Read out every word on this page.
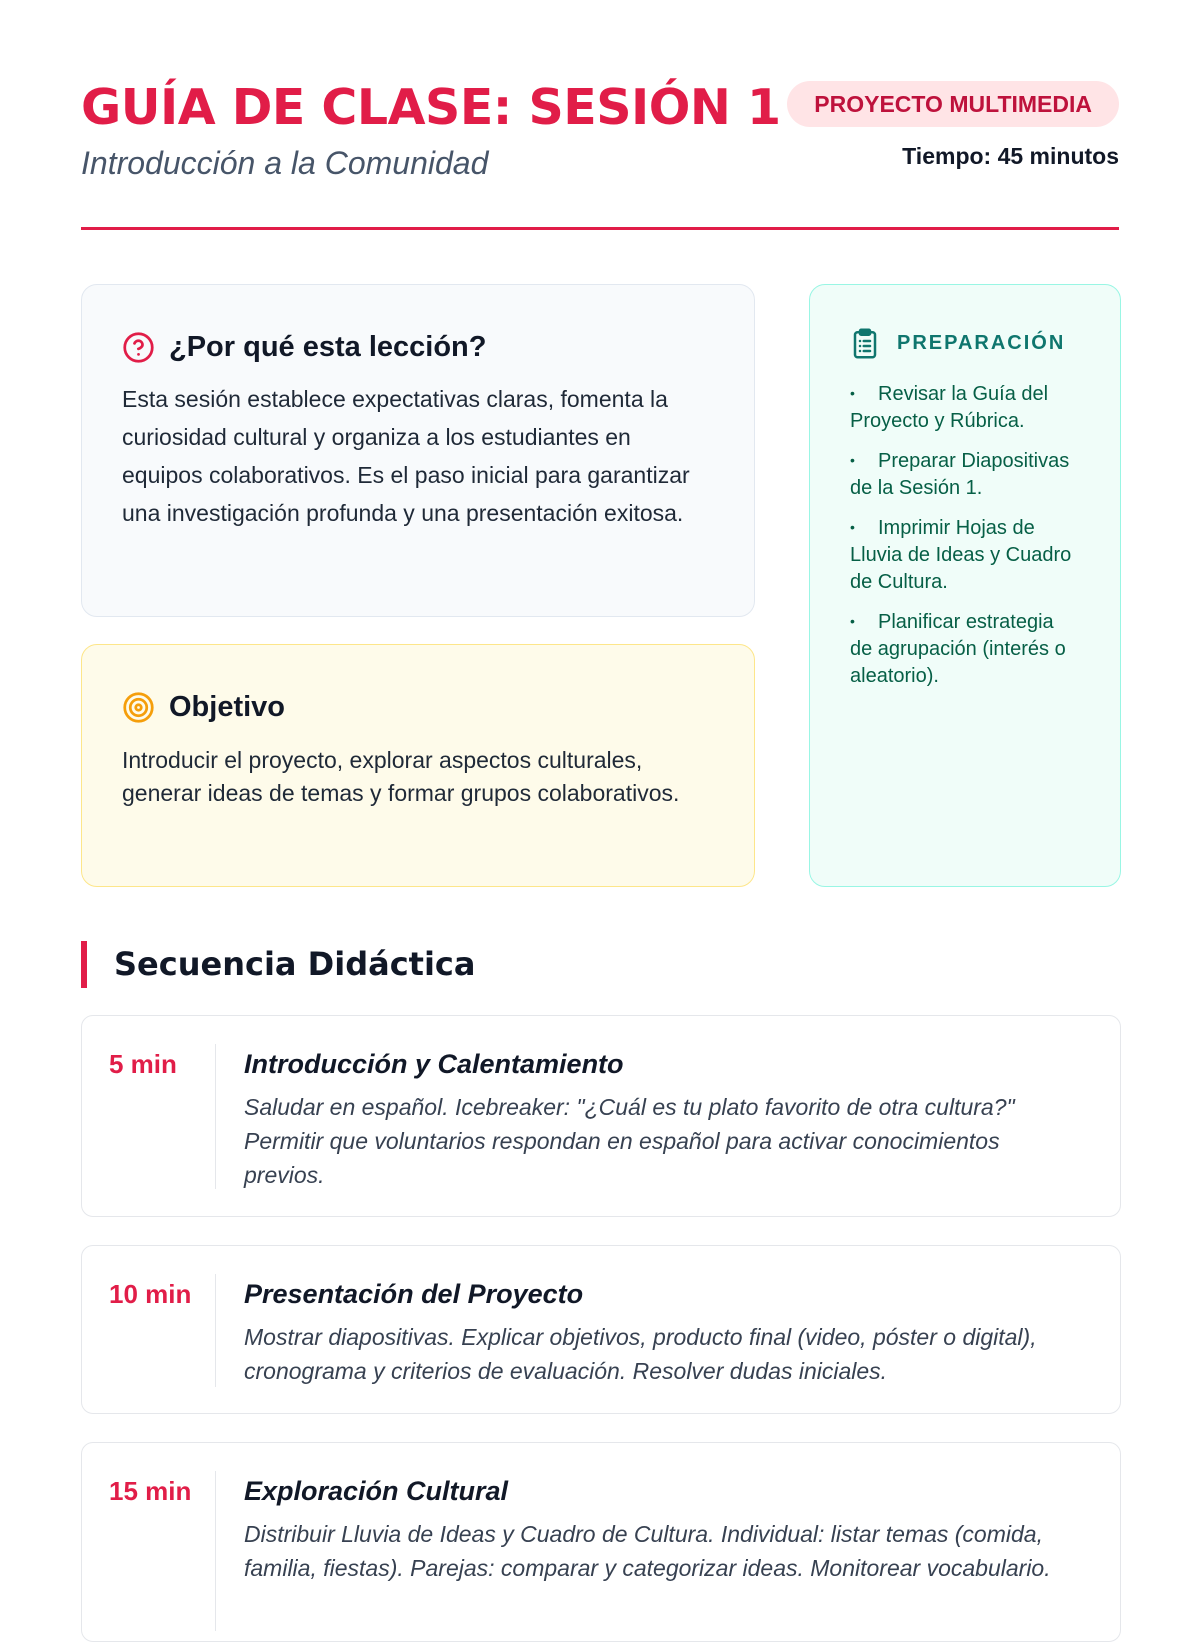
GUÍA DE CLASE: SESIÓN 1
Introducción a la Comunidad
PROYECTO MULTIMEDIA
Tiempo: 45 minutos
¿Por qué esta lección?

Esta sesión establece expectativas claras, fomenta la curiosidad cultural y organiza a los estudiantes en equipos colaborativos. Es el paso inicial para garantizar una investigación profunda y una presentación exitosa.

Objetivo

Introducir el proyecto, explorar aspectos culturales, generar ideas de temas y formar grupos colaborativos.

PREPARACIÓN
• Revisar la Guía del Proyecto y Rúbrica.
• Preparar Diapositivas de la Sesión 1.
• Imprimir Hojas de Lluvia de Ideas y Cuadro de Cultura.
• Planificar estrategia de agrupación (interés o aleatorio).
Secuencia Didáctica
5 min	Introducción y Calentamiento

Saludar en español. Icebreaker: "¿Cuál es tu plato favorito de otra cultura?" Permitir que voluntarios respondan en español para activar conocimientos previos.

10 min Presentación del Proyecto

Mostrar diapositivas. Explicar objetivos, producto final (video, póster o digital), cronograma y criterios de evaluación. Resolver dudas iniciales.

15 min Exploración Cultural

Distribuir Lluvia de Ideas y Cuadro de Cultura. Individual: listar temas (comida, familia, fiestas). Parejas: comparar y categorizar ideas. Monitorear vocabulario.
